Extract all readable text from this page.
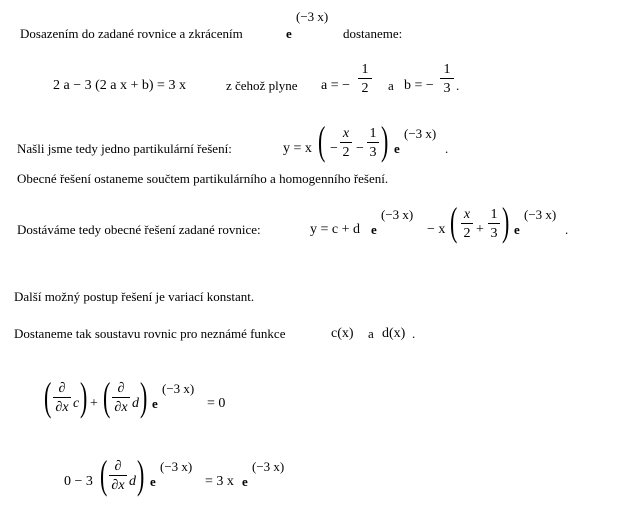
Dosazením do zadané rovnice a zkrácením	e
(−3 x)
dostaneme:
2 a − 3 (2 a x + b) = 3 x	z čehož plyne a = −
1
2 a b = −
1
3 .
Našli jsme tedy jedno partikulární řešení:	y = x ( −
x
2 −
1
3 ) e
(−3 x)
.
Obecné řešení ostaneme součtem partikulárního a homogenního řešení.
Dostáváme tedy obecné řešení zadané rovnice:	y = c + d e
(−3 x)
− x ( x
2 +
1
3 ) e
(−3 x)
.
Další možný postup řešení je variací konstant.
Dostaneme tak soustavu rovnic pro neznámé funkce	c(x) a d(x) .
( ∂
∂x c ) + ( ∂
∂x d ) e
(−3 x)
= 0
0 − 3 ( ∂
∂x d ) e
(−3 x)
= 3 x e
(−3 x)
